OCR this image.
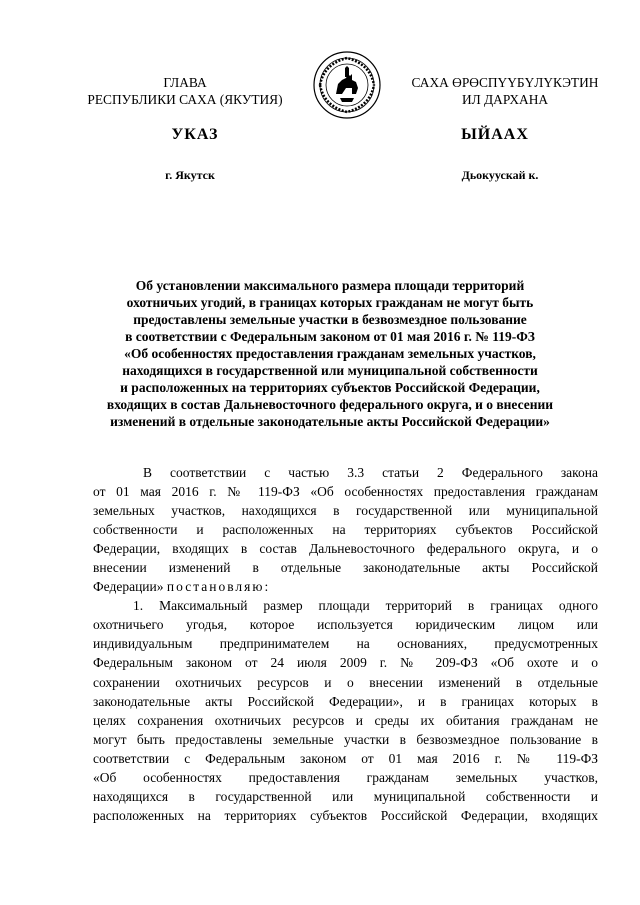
ГЛАВА
РЕСПУБЛИКИ САХА (ЯКУТИЯ)
САХА ӨРӨСПҮҮБҮЛҮКЭТИН
ИЛ ДАРХАНА
УКАЗ	ЫЙААХ
г. Якутск	Дьокуускай к.
Об установлении максимального размера площади территорий
охотничьих угодий, в границах которых гражданам не могут быть
предоставлены земельные участки в безвозмездное пользование
в соответствии с Федеральным законом от 01 мая 2016 г. № 119-ФЗ
«Об особенностях предоставления гражданам земельных участков,
находящихся в государственной или муниципальной собственности
и расположенных на территориях субъектов Российской Федерации,
входящих в состав Дальневосточного федерального округа, и о внесении
изменений в отдельные законодательные акты Российской Федерации»
В соответствии с частью 3.3 статьи 2 Федерального закона
от 01 мая 2016 г. № 119-ФЗ «Об особенностях предоставления гражданам
земельных участков, находящихся в государственной или муниципальной
собственности и расположенных на территориях субъектов Российской
Федерации, входящих в состав Дальневосточного федерального округа, и о
внесении изменений в отдельные законодательные акты Российской
Федерации» постановляю:
1. Максимальный размер площади территорий в границах одного
охотничьего угодья, которое используется юридическим лицом или
индивидуальным предпринимателем на основаниях, предусмотренных
Федеральным законом от 24 июля 2009 г. № 209-ФЗ «Об охоте и о
сохранении охотничьих ресурсов и о внесении изменений в отдельные
законодательные акты Российской Федерации», и в границах которых в
целях сохранения охотничьих ресурсов и среды их обитания гражданам не
могут быть предоставлены земельные участки в безвозмездное пользование в
соответствии с Федеральным законом от 01 мая 2016 г. № 119-ФЗ
«Об особенностях предоставления гражданам земельных участков,
находящихся в государственной или муниципальной собственности и
расположенных на территориях субъектов Российской Федерации, входящих
